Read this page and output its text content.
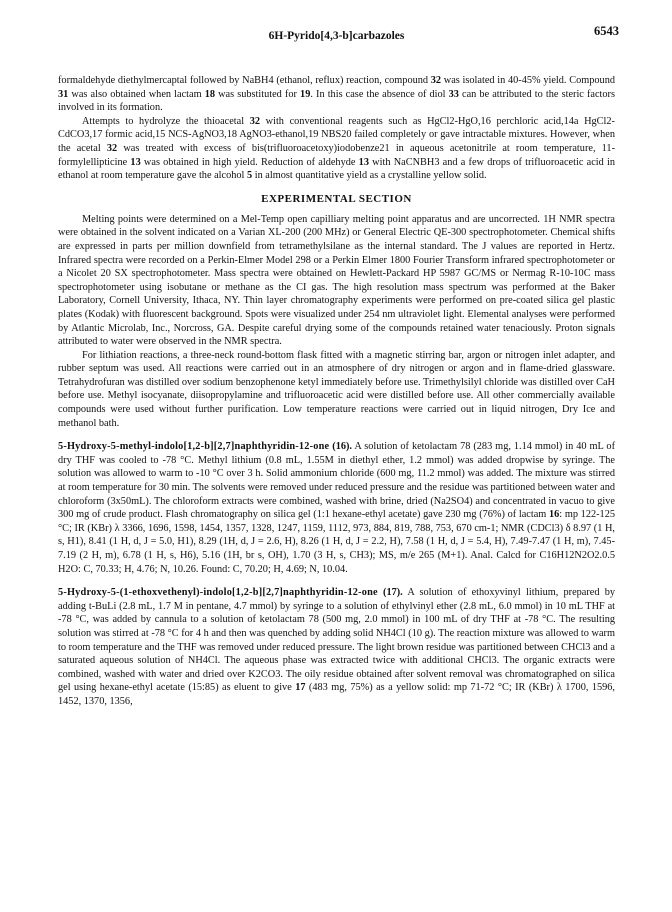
6H-Pyrido[4,3-b]carbazoles	6543

formaldehyde diethylmercaptal followed by NaBH4 (ethanol, reflux) reaction, compound 32 was isolated in 40-45% yield. Compound 31 was also obtained when lactam 18 was substituted for 19. In this case the absence of diol 33 can be attributed to the steric factors involved in its formation.

Attempts to hydrolyze the thioacetal 32 with conventional reagents such as HgCl2-HgO,16 perchloric acid,14a HgCl2-CdCO3,17 formic acid,15 NCS-AgNO3,18 AgNO3-ethanol,19 NBS20 failed completely or gave intractable mixtures. However, when the acetal 32 was treated with excess of bis(trifluoroacetoxy)iodobenze21 in aqueous acetonitrile at room temperature, 11-formylellipticine 13 was obtained in high yield. Reduction of aldehyde 13 with NaCNBH3 and a few drops of trifluoroacetic acid in ethanol at room temperature gave the alcohol 5 in almost quantitative yield as a crystalline yellow solid.

EXPERIMENTAL SECTION

Melting points were determined on a Mel-Temp open capilliary melting point apparatus and are uncorrected. 1H NMR spectra were obtained in the solvent indicated on a Varian XL-200 (200 MHz) or General Electric QE-300 spectrophotometer. Chemical shifts are expressed in parts per million downfield from tetramethylsilane as the internal standard. The J values are reported in Hertz. Infrared spectra were recorded on a Perkin-Elmer Model 298 or a Perkin Elmer 1800 Fourier Transform infrared spectrophotometer or a Nicolet 20 SX spectrophotometer. Mass spectra were obtained on Hewlett-Packard HP 5987 GC/MS or Nermag R-10-10C mass spectrophotometer using isobutane or methane as the CI gas. The high resolution mass spectrum was performed at the Baker Laboratory, Cornell University, Ithaca, NY. Thin layer chromatography experiments were performed on pre-coated silica gel plastic plates (Kodak) with fluorescent background. Spots were visualized under 254 nm ultraviolet light. Elemental analyses were performed by Atlantic Microlab, Inc., Norcross, GA. Despite careful drying some of the compounds retained water tenaciously. Proton signals attributed to water were observed in the NMR spectra.

For lithiation reactions, a three-neck round-bottom flask fitted with a magnetic stirring bar, argon or nitrogen inlet adapter, and rubber septum was used. All reactions were carried out in an atmosphere of dry nitrogen or argon and in flame-dried glassware. Tetrahydrofuran was distilled over sodium benzophenone ketyl immediately before use. Trimethylsilyl chloride was distilled over CaH before use. Methyl isocyanate, diisopropylamine and trifluoroacetic acid were distilled before use. All other commercially available compounds were used without further purification. Low temperature reactions were carried out in liquid nitrogen, Dry Ice and methanol bath.

5-Hydroxy-5-methyl-indolo[1,2-b][2,7]naphthyridin-12-one (16). A solution of ketolactam 78 (283 mg, 1.14 mmol) in 40 mL of dry THF was cooled to -78 °C. Methyl lithium (0.8 mL, 1.55M in diethyl ether, 1.2 mmol) was added dropwise by syringe. The solution was allowed to warm to -10 °C over 3 h. Solid ammonium chloride (600 mg, 11.2 mmol) was added. The mixture was stirred at room temperature for 30 min. The solvents were removed under reduced pressure and the residue was partitioned between water and chloroform (3x50mL). The chloroform extracts were combined, washed with brine, dried (Na2SO4) and concentrated in vacuo to give 300 mg of crude product. Flash chromatography on silica gel (1:1 hexane-ethyl acetate) gave 230 mg (76%) of lactam 16: mp 122-125 °C; IR (KBr) λ 3366, 1696, 1598, 1454, 1357, 1328, 1247, 1159, 1112, 973, 884, 819, 788, 753, 670 cm-1; NMR (CDCl3) δ 8.97 (1 H, s, H1), 8.41 (1 H, d, J = 5.0, H1), 8.29 (1H, d, J = 2.6, H), 8.26 (1 H, d, J = 2.2, H), 7.58 (1 H, d, J = 5.4, H), 7.49-7.47 (1 H, m), 7.45-7.19 (2 H, m), 6.78 (1 H, s, H6), 5.16 (1H, br s, OH), 1.70 (3 H, s, CH3); MS, m/e 265 (M+1). Anal. Calcd for C16H12N2O2.0.5 H2O: C, 70.33; H, 4.76; N, 10.26. Found: C, 70.20; H, 4.69; N, 10.04.

5-Hydroxy-5-(1-ethoxvethenyl)-indolo[1,2-b][2,7]naphthyridin-12-one (17). A solution of ethoxyvinyl lithium, prepared by adding t-BuLi (2.8 mL, 1.7 M in pentane, 4.7 mmol) by syringe to a solution of ethylvinyl ether (2.8 mL, 6.0 mmol) in 10 mL THF at -78 °C, was added by cannula to a solution of ketolactam 78 (500 mg, 2.0 mmol) in 100 mL of dry THF at -78 °C. The resulting solution was stirred at -78 °C for 4 h and then was quenched by adding solid NH4Cl (10 g). The reaction mixture was allowed to warm to room temperature and the THF was removed under reduced pressure. The light brown residue was partitioned between CHCl3 and a saturated aqueous solution of NH4Cl. The aqueous phase was extracted twice with additional CHCl3. The organic extracts were combined, washed with water and dried over K2CO3. The oily residue obtained after solvent removal was chromatographed on silica gel using hexane-ethyl acetate (15:85) as eluent to give 17 (483 mg, 75%) as a yellow solid: mp 71-72 °C; IR (KBr) λ 1700, 1596, 1452, 1370, 1356,
